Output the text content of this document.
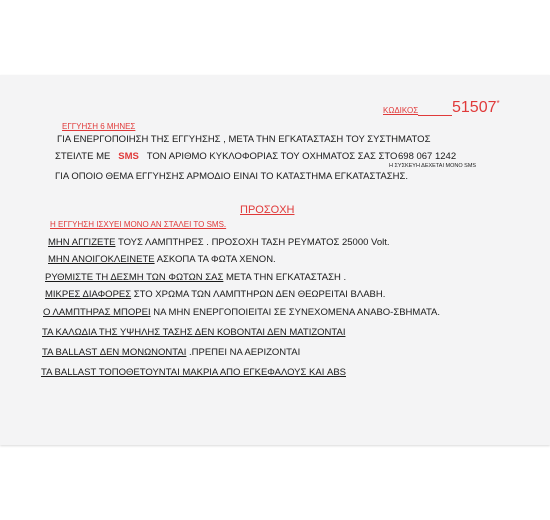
ΕΓΓΥΗΣΗ 6 ΜΗΝΕΣ
ΚΩΔΙΚΟΣ 51507*
ΓΙΑ ΕΝΕΡΓΟΠΟΙΗΣΗ ΤΗΣ ΕΓΓΥΗΣΗΣ , ΜΕΤΑ ΤΗΝ ΕΓΚΑΤΑΣΤΑΣΗ ΤΟΥ ΣΥΣΤΗΜΑΤΟΣ
ΣΤΕΙΛΤΕ ΜΕ SMS ΤΟΝ ΑΡΙΘΜΟ ΚΥΚΛΟΦΟΡΙΑΣ ΤΟΥ ΟΧΗΜΑΤΟΣ ΣΑΣ ΣΤΟ 698 067 1242
Η ΣΥΣΚΕΥΗ ΔΕΧΕΤΑΙ ΜΟΝΟ SMS
ΓΙΑ ΟΠΟΙΟ ΘΕΜΑ ΕΓΓΥΗΣΗΣ ΑΡΜΟΔΙΟ ΕΙΝΑΙ ΤΟ ΚΑΤΑΣΤΗΜΑ ΕΓΚΑΤΑΣΤΑΣΗΣ.
ΠΡΟΣΟΧΗ
Η ΕΓΓΥΗΣΗ ΙΣΧΥΕΙ ΜΟΝΟ ΑΝ ΣΤΑΛΕΙ ΤΟ SMS.
ΜΗΝ ΑΓΓΙΖΕΤΕ ΤΟΥΣ ΛΑΜΠΤΗΡΕΣ . ΠΡΟΣΟΧΗ ΤΑΣΗ ΡΕΥΜΑΤΟΣ 25000 Volt.
ΜΗΝ ΑΝΟΙΓΟΚΛΕΙΝΕΤΕ ΑΣΚΟΠΑ ΤΑ ΦΩΤΑ XENON.
ΡΥΘΜΙΣΤΕ ΤΗ ΔΕΣΜΗ ΤΩΝ ΦΩΤΩΝ ΣΑΣ ΜΕΤΑ ΤΗΝ ΕΓΚΑΤΑΣΤΑΣΗ .
ΜΙΚΡΕΣ ΔΙΑΦΟΡΕΣ ΣΤΟ ΧΡΩΜΑ ΤΩΝ ΛΑΜΠΤΗΡΩΝ ΔΕΝ ΘΕΩΡΕΙΤΑΙ ΒΛΑΒΗ.
Ο ΛΑΜΠΤΗΡΑΣ ΜΠΟΡΕΙ ΝΑ ΜΗΝ ΕΝΕΡΓΟΠΟΙΕΙΤΑΙ ΣΕ ΣΥΝΕΧΟΜΕΝΑ ΑΝΑΒΟ-ΣΒΗΜΑΤΑ.
ΤΑ ΚΑΛΩΔΙΑ ΤΗΣ ΥΨΗΛΗΣ ΤΑΣΗΣ ΔΕΝ ΚΟΒΟΝΤΑΙ ΔΕΝ ΜΑΤΙΖΟΝΤΑΙ
ΤΑ BALLAST ΔΕΝ ΜΟΝΩΝΟΝΤΑΙ .ΠΡΕΠΕΙ ΝΑ ΑΕΡΙΖΟΝΤΑΙ
ΤΑ BALLAST ΤΟΠΟΘΕΤΟΥΝΤΑΙ ΜΑΚΡΙΑ ΑΠΟ ΕΓΚΕΦΑΛΟΥΣ ΚΑΙ ABS
